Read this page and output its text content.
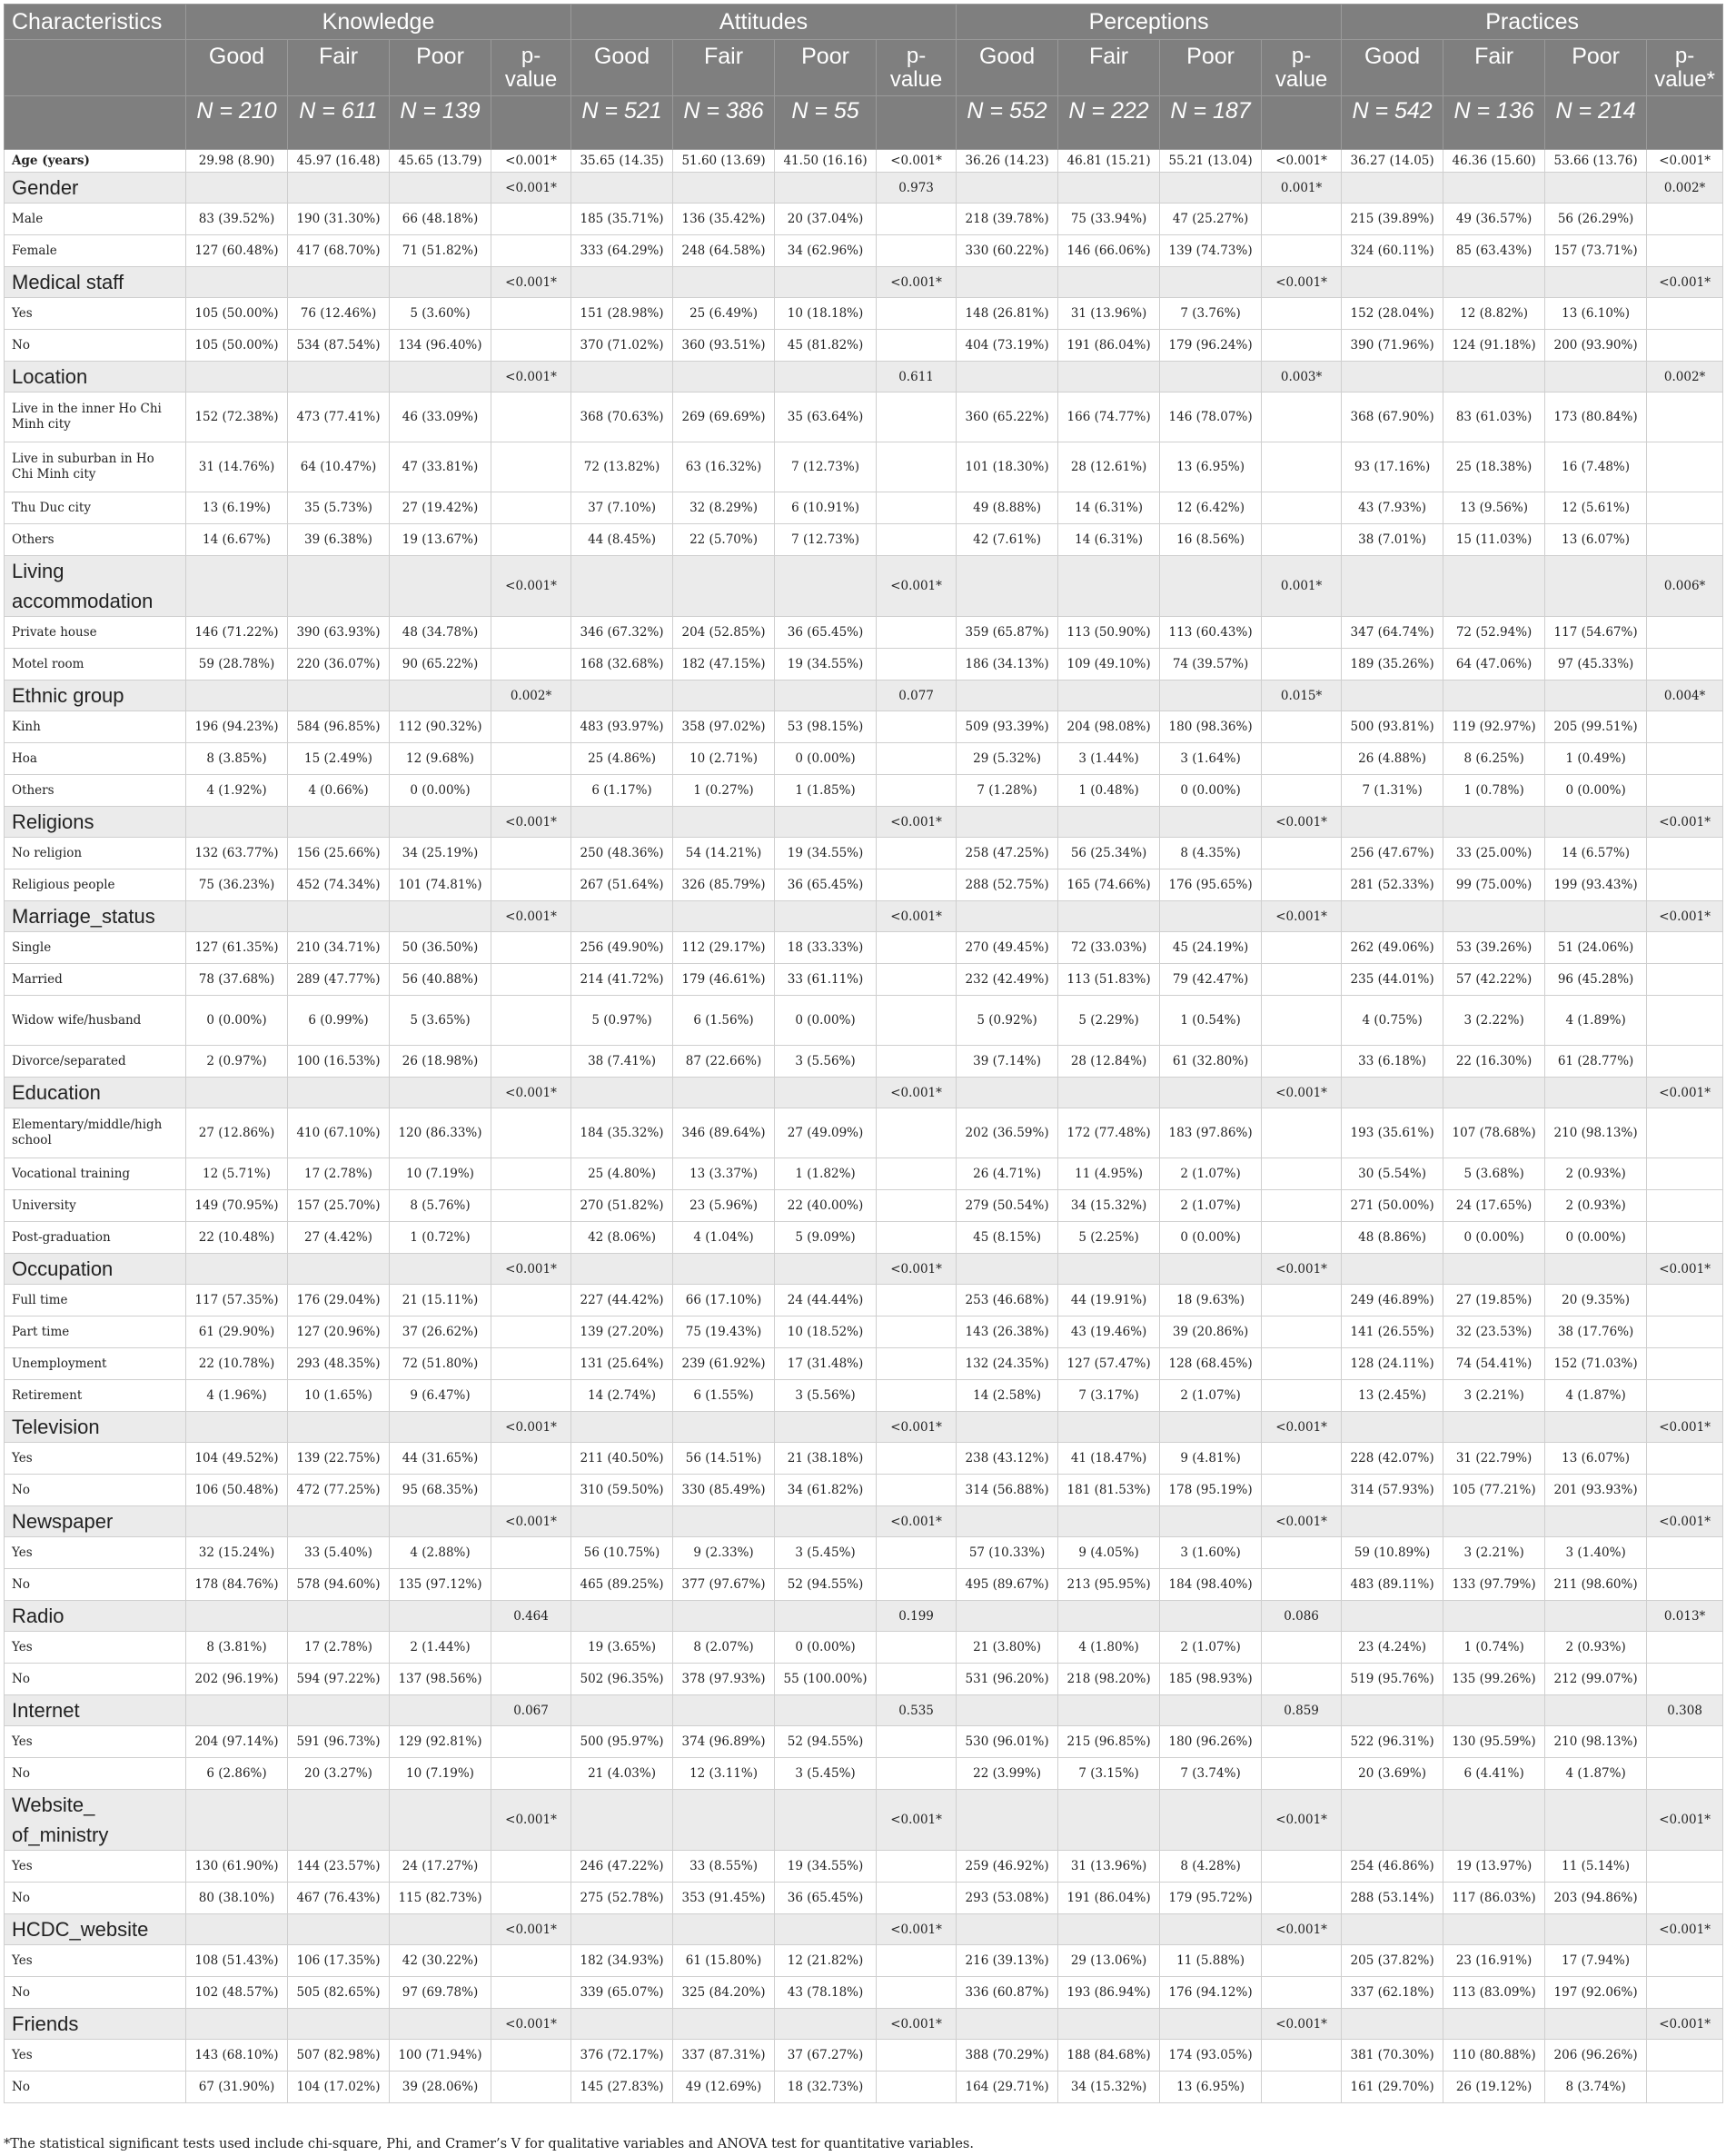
Characteristics	Knowledge				Attitudes				Perceptions				Practices			
	Good	Fair	Poor	p-value	Good	Fair	Poor	p-value	Good	Fair	Poor	p-value	Good	Fair	Poor	p-value*
	N = 210	N = 611	N = 139		N = 521	N = 386	N = 55		N = 552	N = 222	N = 187		N = 542	N = 136	N = 214	
Age (years)	29.98 (8.90)	45.97 (16.48)	45.65 (13.79)	<0.001*	35.65 (14.35)	51.60 (13.69)	41.50 (16.16)	<0.001*	36.26 (14.23)	46.81 (15.21)	55.21 (13.04)	<0.001*	36.27 (14.05)	46.36 (15.60)	53.66 (13.76)	<0.001*
Gender				<0.001*				0.973				0.001*				0.002*
Male	83 (39.52%)	190 (31.30%)	66 (48.18%)		185 (35.71%)	136 (35.42%)	20 (37.04%)		218 (39.78%)	75 (33.94%)	47 (25.27%)		215 (39.89%)	49 (36.57%)	56 (26.29%)	
Female	127 (60.48%)	417 (68.70%)	71 (51.82%)		333 (64.29%)	248 (64.58%)	34 (62.96%)		330 (60.22%)	146 (66.06%)	139 (74.73%)		324 (60.11%)	85 (63.43%)	157 (73.71%)	
Medical staff				<0.001*				<0.001*				<0.001*				<0.001*
Yes	105 (50.00%)	76 (12.46%)	5 (3.60%)		151 (28.98%)	25 (6.49%)	10 (18.18%)		148 (26.81%)	31 (13.96%)	7 (3.76%)		152 (28.04%)	12 (8.82%)	13 (6.10%)	
No	105 (50.00%)	534 (87.54%)	134 (96.40%)		370 (71.02%)	360 (93.51%)	45 (81.82%)		404 (73.19%)	191 (86.04%)	179 (96.24%)		390 (71.96%)	124 (91.18%)	200 (93.90%)	
Location				<0.001*				0.611				0.003*				0.002*
Live in the inner Ho Chi Minh city	152 (72.38%)	473 (77.41%)	46 (33.09%)		368 (70.63%)	269 (69.69%)	35 (63.64%)		360 (65.22%)	166 (74.77%)	146 (78.07%)		368 (67.90%)	83 (61.03%)	173 (80.84%)	
Live in suburban in Ho Chi Minh city	31 (14.76%)	64 (10.47%)	47 (33.81%)		72 (13.82%)	63 (16.32%)	7 (12.73%)		101 (18.30%)	28 (12.61%)	13 (6.95%)		93 (17.16%)	25 (18.38%)	16 (7.48%)	
Thu Duc city	13 (6.19%)	35 (5.73%)	27 (19.42%)		37 (7.10%)	32 (8.29%)	6 (10.91%)		49 (8.88%)	14 (6.31%)	12 (6.42%)		43 (7.93%)	13 (9.56%)	12 (5.61%)	
Others	14 (6.67%)	39 (6.38%)	19 (13.67%)		44 (8.45%)	22 (5.70%)	7 (12.73%)		42 (7.61%)	14 (6.31%)	16 (8.56%)		38 (7.01%)	15 (11.03%)	13 (6.07%)	
Living accommodation				<0.001*				<0.001*				0.001*				0.006*
Private house	146 (71.22%)	390 (63.93%)	48 (34.78%)		346 (67.32%)	204 (52.85%)	36 (65.45%)		359 (65.87%)	113 (50.90%)	113 (60.43%)		347 (64.74%)	72 (52.94%)	117 (54.67%)	
Motel room	59 (28.78%)	220 (36.07%)	90 (65.22%)		168 (32.68%)	182 (47.15%)	19 (34.55%)		186 (34.13%)	109 (49.10%)	74 (39.57%)		189 (35.26%)	64 (47.06%)	97 (45.33%)	
Ethnic group				0.002*				0.077				0.015*				0.004*
Kinh	196 (94.23%)	584 (96.85%)	112 (90.32%)		483 (93.97%)	358 (97.02%)	53 (98.15%)		509 (93.39%)	204 (98.08%)	180 (98.36%)		500 (93.81%)	119 (92.97%)	205 (99.51%)	
Hoa	8 (3.85%)	15 (2.49%)	12 (9.68%)		25 (4.86%)	10 (2.71%)	0 (0.00%)		29 (5.32%)	3 (1.44%)	3 (1.64%)		26 (4.88%)	8 (6.25%)	1 (0.49%)	
Others	4 (1.92%)	4 (0.66%)	0 (0.00%)		6 (1.17%)	1 (0.27%)	1 (1.85%)		7 (1.28%)	1 (0.48%)	0 (0.00%)		7 (1.31%)	1 (0.78%)	0 (0.00%)	
Religions				<0.001*				<0.001*				<0.001*				<0.001*
No religion	132 (63.77%)	156 (25.66%)	34 (25.19%)		250 (48.36%)	54 (14.21%)	19 (34.55%)		258 (47.25%)	56 (25.34%)	8 (4.35%)		256 (47.67%)	33 (25.00%)	14 (6.57%)	
Religious people	75 (36.23%)	452 (74.34%)	101 (74.81%)		267 (51.64%)	326 (85.79%)	36 (65.45%)		288 (52.75%)	165 (74.66%)	176 (95.65%)		281 (52.33%)	99 (75.00%)	199 (93.43%)	
Marriage_status				<0.001*				<0.001*				<0.001*				<0.001*
Single	127 (61.35%)	210 (34.71%)	50 (36.50%)		256 (49.90%)	112 (29.17%)	18 (33.33%)		270 (49.45%)	72 (33.03%)	45 (24.19%)		262 (49.06%)	53 (39.26%)	51 (24.06%)	
Married	78 (37.68%)	289 (47.77%)	56 (40.88%)		214 (41.72%)	179 (46.61%)	33 (61.11%)		232 (42.49%)	113 (51.83%)	79 (42.47%)		235 (44.01%)	57 (42.22%)	96 (45.28%)	
Widow wife/husband	0 (0.00%)	6 (0.99%)	5 (3.65%)		5 (0.97%)	6 (1.56%)	0 (0.00%)		5 (0.92%)	5 (2.29%)	1 (0.54%)		4 (0.75%)	3 (2.22%)	4 (1.89%)	
Divorce/separated	2 (0.97%)	100 (16.53%)	26 (18.98%)		38 (7.41%)	87 (22.66%)	3 (5.56%)		39 (7.14%)	28 (12.84%)	61 (32.80%)		33 (6.18%)	22 (16.30%)	61 (28.77%)	
Education				<0.001*				<0.001*				<0.001*				<0.001*
Elementary/middle/high school	27 (12.86%)	410 (67.10%)	120 (86.33%)		184 (35.32%)	346 (89.64%)	27 (49.09%)		202 (36.59%)	172 (77.48%)	183 (97.86%)		193 (35.61%)	107 (78.68%)	210 (98.13%)	
Vocational training	12 (5.71%)	17 (2.78%)	10 (7.19%)		25 (4.80%)	13 (3.37%)	1 (1.82%)		26 (4.71%)	11 (4.95%)	2 (1.07%)		30 (5.54%)	5 (3.68%)	2 (0.93%)	
University	149 (70.95%)	157 (25.70%)	8 (5.76%)		270 (51.82%)	23 (5.96%)	22 (40.00%)		279 (50.54%)	34 (15.32%)	2 (1.07%)		271 (50.00%)	24 (17.65%)	2 (0.93%)	
Post-graduation	22 (10.48%)	27 (4.42%)	1 (0.72%)		42 (8.06%)	4 (1.04%)	5 (9.09%)		45 (8.15%)	5 (2.25%)	0 (0.00%)		48 (8.86%)	0 (0.00%)	0 (0.00%)	
Occupation				<0.001*				<0.001*				<0.001*				<0.001*
Full time	117 (57.35%)	176 (29.04%)	21 (15.11%)		227 (44.42%)	66 (17.10%)	24 (44.44%)		253 (46.68%)	44 (19.91%)	18 (9.63%)		249 (46.89%)	27 (19.85%)	20 (9.35%)	
Part time	61 (29.90%)	127 (20.96%)	37 (26.62%)		139 (27.20%)	75 (19.43%)	10 (18.52%)		143 (26.38%)	43 (19.46%)	39 (20.86%)		141 (26.55%)	32 (23.53%)	38 (17.76%)	
Unemployment	22 (10.78%)	293 (48.35%)	72 (51.80%)		131 (25.64%)	239 (61.92%)	17 (31.48%)		132 (24.35%)	127 (57.47%)	128 (68.45%)		128 (24.11%)	74 (54.41%)	152 (71.03%)	
Retirement	4 (1.96%)	10 (1.65%)	9 (6.47%)		14 (2.74%)	6 (1.55%)	3 (5.56%)		14 (2.58%)	7 (3.17%)	2 (1.07%)		13 (2.45%)	3 (2.21%)	4 (1.87%)	
Television				<0.001*				<0.001*				<0.001*				<0.001*
Yes	104 (49.52%)	139 (22.75%)	44 (31.65%)		211 (40.50%)	56 (14.51%)	21 (38.18%)		238 (43.12%)	41 (18.47%)	9 (4.81%)		228 (42.07%)	31 (22.79%)	13 (6.07%)	
No	106 (50.48%)	472 (77.25%)	95 (68.35%)		310 (59.50%)	330 (85.49%)	34 (61.82%)		314 (56.88%)	181 (81.53%)	178 (95.19%)		314 (57.93%)	105 (77.21%)	201 (93.93%)	
Newspaper				<0.001*				<0.001*				<0.001*				<0.001*
Yes	32 (15.24%)	33 (5.40%)	4 (2.88%)		56 (10.75%)	9 (2.33%)	3 (5.45%)		57 (10.33%)	9 (4.05%)	3 (1.60%)		59 (10.89%)	3 (2.21%)	3 (1.40%)	
No	178 (84.76%)	578 (94.60%)	135 (97.12%)		465 (89.25%)	377 (97.67%)	52 (94.55%)		495 (89.67%)	213 (95.95%)	184 (98.40%)		483 (89.11%)	133 (97.79%)	211 (98.60%)	
Radio				0.464				0.199				0.086				0.013*
Yes	8 (3.81%)	17 (2.78%)	2 (1.44%)		19 (3.65%)	8 (2.07%)	0 (0.00%)		21 (3.80%)	4 (1.80%)	2 (1.07%)		23 (4.24%)	1 (0.74%)	2 (0.93%)	
No	202 (96.19%)	594 (97.22%)	137 (98.56%)		502 (96.35%)	378 (97.93%)	55 (100.00%)		531 (96.20%)	218 (98.20%)	185 (98.93%)		519 (95.76%)	135 (99.26%)	212 (99.07%)	
Internet				0.067				0.535				0.859				0.308
Yes	204 (97.14%)	591 (96.73%)	129 (92.81%)		500 (95.97%)	374 (96.89%)	52 (94.55%)		530 (96.01%)	215 (96.85%)	180 (96.26%)		522 (96.31%)	130 (95.59%)	210 (98.13%)	
No	6 (2.86%)	20 (3.27%)	10 (7.19%)		21 (4.03%)	12 (3.11%)	3 (5.45%)		22 (3.99%)	7 (3.15%)	7 (3.74%)		20 (3.69%)	6 (4.41%)	4 (1.87%)	
Website_ of_ministry				<0.001*				<0.001*				<0.001*				<0.001*
Yes	130 (61.90%)	144 (23.57%)	24 (17.27%)		246 (47.22%)	33 (8.55%)	19 (34.55%)		259 (46.92%)	31 (13.96%)	8 (4.28%)		254 (46.86%)	19 (13.97%)	11 (5.14%)	
No	80 (38.10%)	467 (76.43%)	115 (82.73%)		275 (52.78%)	353 (91.45%)	36 (65.45%)		293 (53.08%)	191 (86.04%)	179 (95.72%)		288 (53.14%)	117 (86.03%)	203 (94.86%)	
HCDC_website				<0.001*				<0.001*				<0.001*				<0.001*
Yes	108 (51.43%)	106 (17.35%)	42 (30.22%)		182 (34.93%)	61 (15.80%)	12 (21.82%)		216 (39.13%)	29 (13.06%)	11 (5.88%)		205 (37.82%)	23 (16.91%)	17 (7.94%)	
No	102 (48.57%)	505 (82.65%)	97 (69.78%)		339 (65.07%)	325 (84.20%)	43 (78.18%)		336 (60.87%)	193 (86.94%)	176 (94.12%)		337 (62.18%)	113 (83.09%)	197 (92.06%)	
Friends				<0.001*				<0.001*				<0.001*				<0.001*
Yes	143 (68.10%)	507 (82.98%)	100 (71.94%)		376 (72.17%)	337 (87.31%)	37 (67.27%)		388 (70.29%)	188 (84.68%)	174 (93.05%)		381 (70.30%)	110 (80.88%)	206 (96.26%)	
No	67 (31.90%)	104 (17.02%)	39 (28.06%)		145 (27.83%)	49 (12.69%)	18 (32.73%)		164 (29.71%)	34 (15.32%)	13 (6.95%)		161 (29.70%)	26 (19.12%)	8 (3.74%)	
*The statistical significant tests used include chi-square, Phi, and Cramer’s V for qualitative variables and ANOVA test for quantitative variables.
